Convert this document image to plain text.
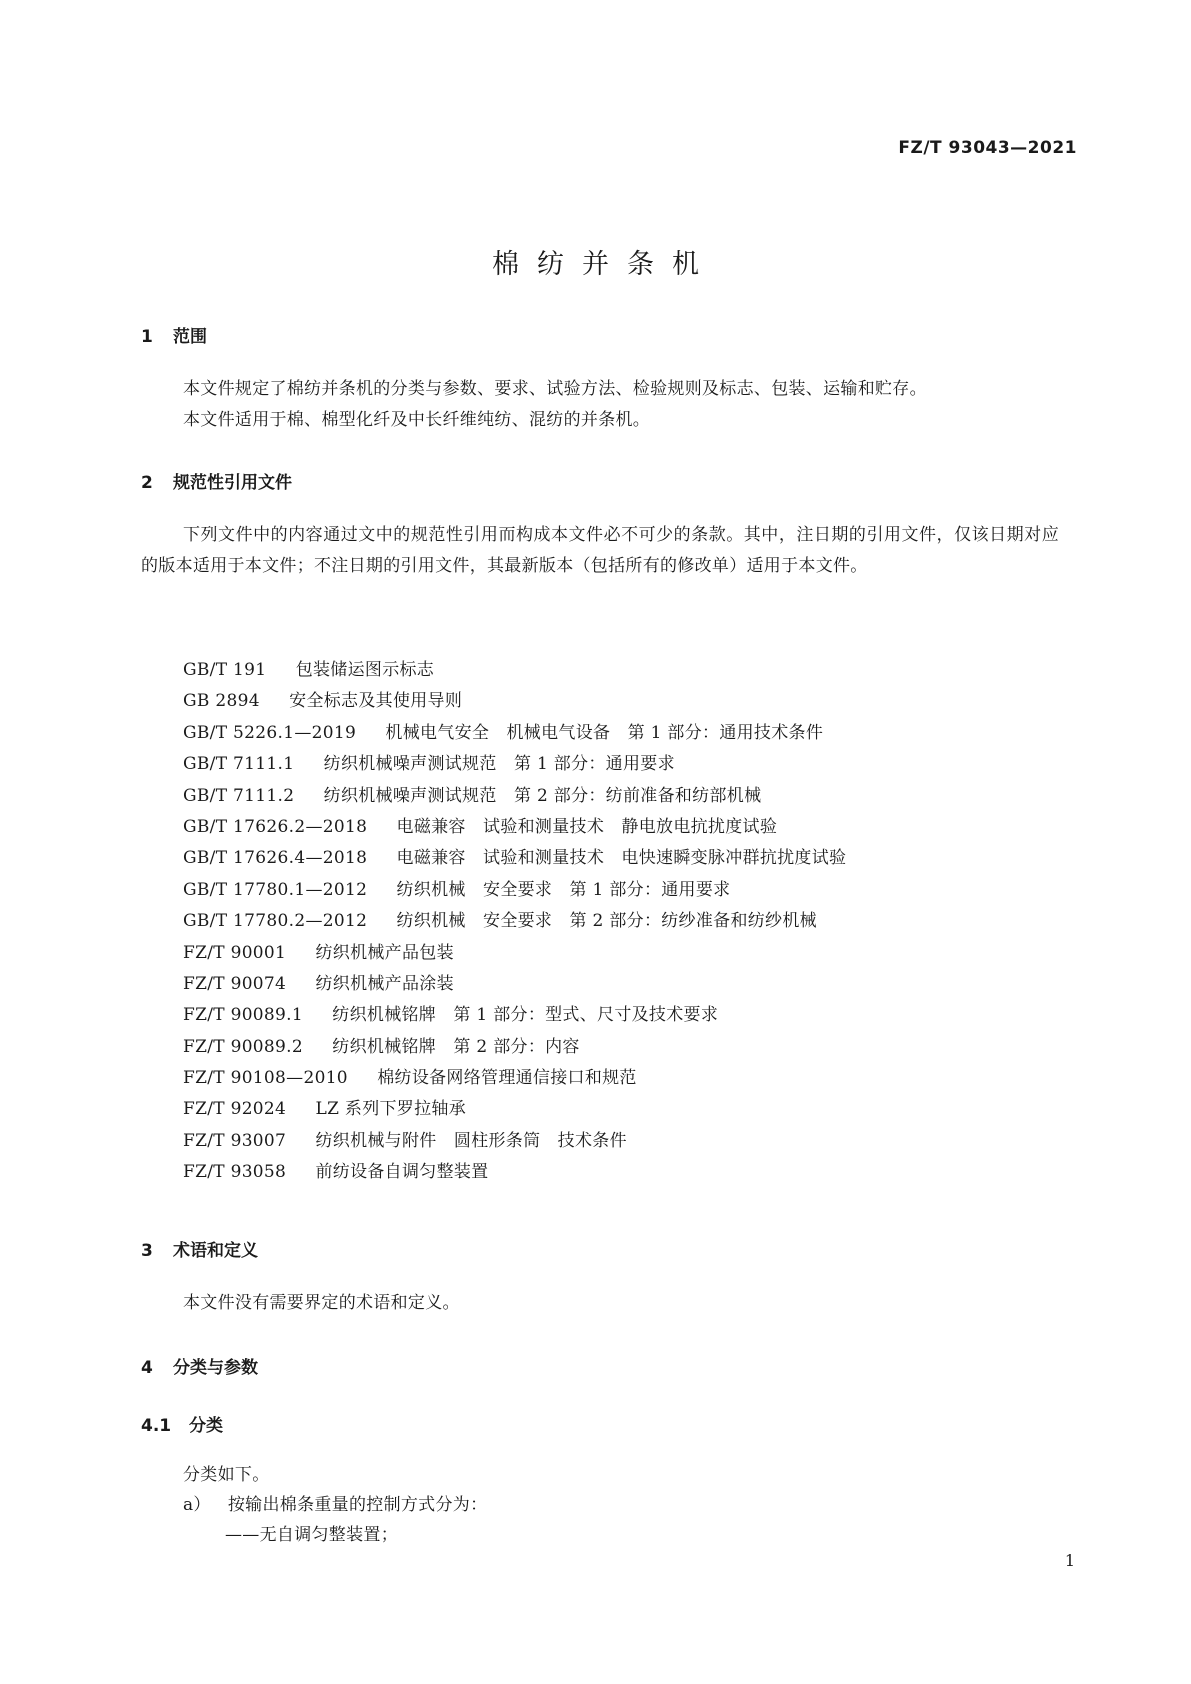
FZ/T 93043—2021
棉纺并条机
1 范围
本文件规定了棉纺并条机的分类与参数、要求、试验方法、检验规则及标志、包装、运输和贮存。
本文件适用于棉、棉型化纤及中长纤维纯纺、混纺的并条机。
2 规范性引用文件
下列文件中的内容通过文中的规范性引用而构成本文件必不可少的条款。其中，注日期的引用文件，仅该日期对应的版本适用于本文件；不注日期的引用文件，其最新版本（包括所有的修改单）适用于本文件。
GB/T 191　 包装储运图示标志
GB 2894　 安全标志及其使用导则
GB/T 5226.1—2019　 机械电气安全　机械电气设备　第 1 部分：通用技术条件
GB/T 7111.1　 纺织机械噪声测试规范　第 1 部分：通用要求
GB/T 7111.2　 纺织机械噪声测试规范　第 2 部分：纺前准备和纺部机械
GB/T 17626.2—2018　 电磁兼容　试验和测量技术　静电放电抗扰度试验
GB/T 17626.4—2018　 电磁兼容　试验和测量技术　电快速瞬变脉冲群抗扰度试验
GB/T 17780.1—2012　 纺织机械　安全要求　第 1 部分：通用要求
GB/T 17780.2—2012　 纺织机械　安全要求　第 2 部分：纺纱准备和纺纱机械
FZ/T 90001　 纺织机械产品包装
FZ/T 90074　 纺织机械产品涂装
FZ/T 90089.1　 纺织机械铭牌　第 1 部分：型式、尺寸及技术要求
FZ/T 90089.2　 纺织机械铭牌　第 2 部分：内容
FZ/T 90108—2010　 棉纺设备网络管理通信接口和规范
FZ/T 92024　 LZ 系列下罗拉轴承
FZ/T 93007　 纺织机械与附件　圆柱形条筒　技术条件
FZ/T 93058　 前纺设备自调匀整装置
3 术语和定义
本文件没有需要界定的术语和定义。
4 分类与参数
4.1 分类
分类如下。
a） 按输出棉条重量的控制方式分为：
——无自调匀整装置；
1
